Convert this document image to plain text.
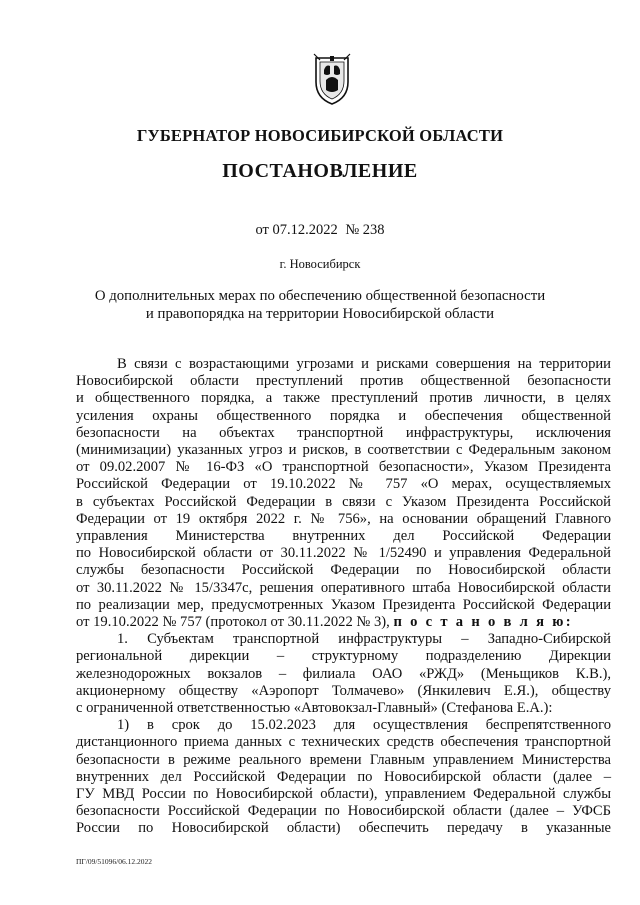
ГУБЕРНАТОР НОВОСИБИРСКОЙ ОБЛАСТИ
ПОСТАНОВЛЕНИЕ
от 07.12.2022 № 238
г. Новосибирск
О дополнительных мерах по обеспечению общественной безопасности
и правопорядка на территории Новосибирской области

В связи с возрастающими угрозами и рисками совершения на территории

Новосибирской области преступлений против общественной безопасности

и общественного порядка, а также преступлений против личности, в целях

усиления охраны общественного порядка и обеспечения общественной

безопасности на объектах транспортной инфраструктуры, исключения

(минимизации) указанных угроз и рисков, в соответствии с Федеральным законом

от 09.02.2007 № 16-ФЗ «О транспортной безопасности», Указом Президента

Российской Федерации от 19.10.2022 № 757 «О мерах, осуществляемых

в субъектах Российской Федерации в связи с Указом Президента Российской

Федерации от 19 октября 2022 г. № 756», на основании обращений Главного

управления Министерства внутренних дел Российской Федерации

по Новосибирской области от 30.11.2022 № 1/52490 и управления Федеральной

службы безопасности Российской Федерации по Новосибирской области

от 30.11.2022 № 15/3347с, решения оперативного штаба Новосибирской области

по реализации мер, предусмотренных Указом Президента Российской Федерации

от 19.10.2022 № 757 (протокол от 30.11.2022 № 3), п о с т а н о в л я ю:

1. Субъектам транспортной инфраструктуры – Западно-Сибирской

региональной дирекции – структурному подразделению Дирекции

железнодорожных вокзалов – филиала ОАО «РЖД» (Меньщиков К.В.),

акционерному обществу «Аэропорт Толмачево» (Янкилевич Е.Я.), обществу

с ограниченной ответственностью «Автовокзал-Главный» (Стефанова Е.А.):

1) в срок до 15.02.2023 для осуществления беспрепятственного

дистанционного приема данных с технических средств обеспечения транспортной

безопасности в режиме реального времени Главным управлением Министерства

внутренних дел Российской Федерации по Новосибирской области (далее –

ГУ МВД России по Новосибирской области), управлением Федеральной службы

безопасности Российской Федерации по Новосибирской области (далее – УФСБ

России по Новосибирской области) обеспечить передачу в указанные

ПГ/09/51096/06.12.2022
